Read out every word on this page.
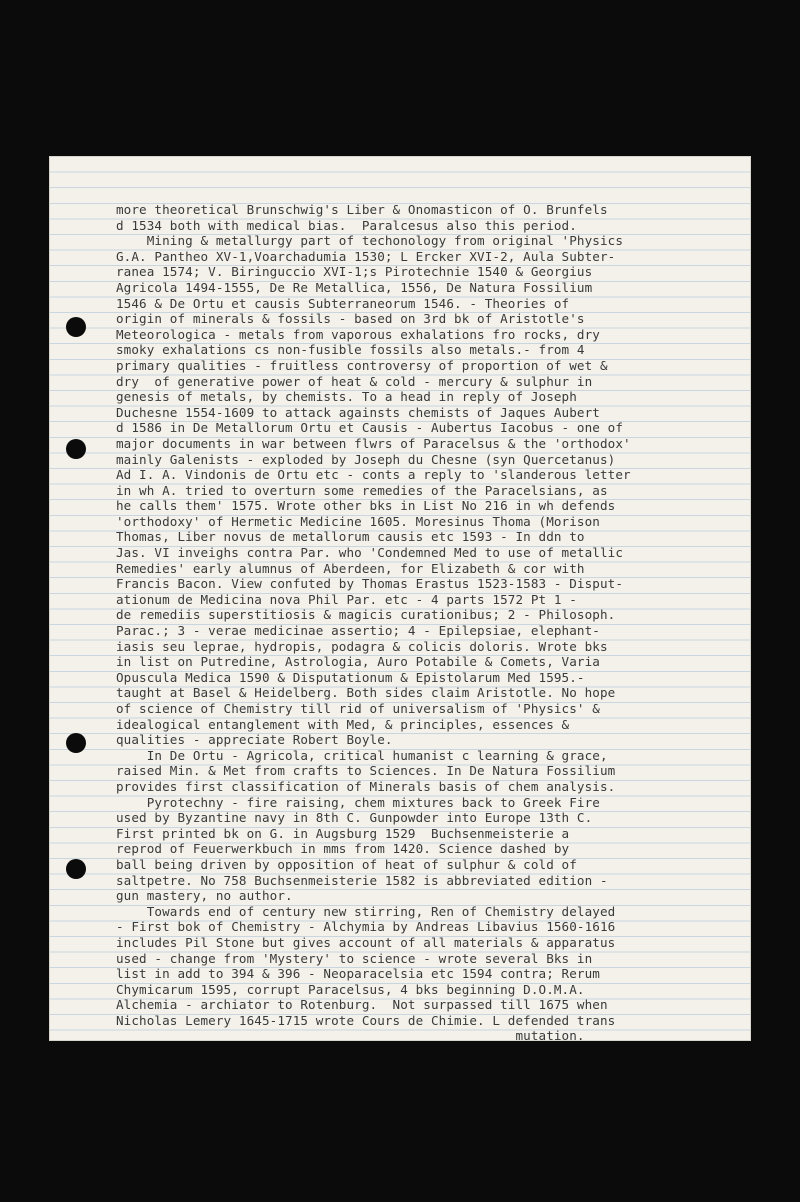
more theoretical Brunschwig's Liber & Onomasticon of O. Brunfels
d 1534 both with medical bias.  Paralcesus also this period.
Mining & metallurgy part of techonology from original 'Physics
G.A. Pantheo XV-1,Voarchadumia 1530; L Ercker XVI-2, Aula Subter-
ranea 1574; V. Biringuccio XVI-1;s Pirotechnie 1540 & Georgius
Agricola 1494-1555, De Re Metallica, 1556, De Natura Fossilium
1546 & De Ortu et causis Subterraneorum 1546. - Theories of
origin of minerals & fossils - based on 3rd bk of Aristotle's
Meteorologica - metals from vaporous exhalations fro rocks, dry
smoky exhalations cs non-fusible fossils also metals.- from 4
primary qualities - fruitless controversy of proportion of wet &
dry  of generative power of heat & cold - mercury & sulphur in
genesis of metals, by chemists. To a head in reply of Joseph
Duchesne 1554-1609 to attack againsts chemists of Jaques Aubert
d 1586 in De Metallorum Ortu et Causis - Aubertus Iacobus - one of
major documents in war between flwrs of Paracelsus & the 'orthodox'
mainly Galenists - exploded by Joseph du Chesne (syn Quercetanus)
Ad I. A. Vindonis de Ortu etc - conts a reply to 'slanderous letter
in wh A. tried to overturn some remedies of the Paracelsians, as
he calls them' 1575. Wrote other bks in List No 216 in wh defends
'orthodoxy' of Hermetic Medicine 1605. Moresinus Thoma (Morison
Thomas, Liber novus de metallorum causis etc 1593 - In ddn to
Jas. VI inveighs contra Par. who 'Condemned Med to use of metallic
Remedies' early alumnus of Aberdeen, for Elizabeth & cor with
Francis Bacon. View confuted by Thomas Erastus 1523-1583 - Disput-
ationum de Medicina nova Phil Par. etc - 4 parts 1572 Pt 1 -
de remediis superstitiosis & magicis curationibus; 2 - Philosoph.
Parac.; 3 - verae medicinae assertio; 4 - Epilepsiae, elephant-
iasis seu leprae, hydropis, podagra & colicis doloris. Wrote bks
in list on Putredine, Astrologia, Auro Potabile & Comets, Varia
Opuscula Medica 1590 & Disputationum & Epistolarum Med 1595.-
taught at Basel & Heidelberg. Both sides claim Aristotle. No hope
of science of Chemistry till rid of universalism of 'Physics' &
idealogical entanglement with Med, & principles, essences &
qualities - appreciate Robert Boyle.
In De Ortu - Agricola, critical humanist c learning & grace,
raised Min. & Met from crafts to Sciences. In De Natura Fossilium
provides first classification of Minerals basis of chem analysis.
Pyrotechny - fire raising, chem mixtures back to Greek Fire
used by Byzantine navy in 8th C. Gunpowder into Europe 13th C.
First printed bk on G. in Augsburg 1529  Buchsenmeisterie a
reprod of Feuerwerkbuch in mms from 1420. Science dashed by
ball being driven by opposition of heat of sulphur & cold of
saltpetre. No 758 Buchsenmeisterie 1582 is abbreviated edition -
gun mastery, no author.
Towards end of century new stirring, Ren of Chemistry delayed
- First bok of Chemistry - Alchymia by Andreas Libavius 1560-1616
includes Pil Stone but gives account of all materials & apparatus
used - change from 'Mystery' to science - wrote several Bks in
list in add to 394 & 396 - Neoparacelsia etc 1594 contra; Rerum
Chymicarum 1595, corrupt Paracelsus, 4 bks beginning D.O.M.A.
Alchemia - archiator to Rotenburg.  Not surpassed till 1675 when
Nicholas Lemery 1645-1715 wrote Cours de Chimie. L defended trans
mutation.
